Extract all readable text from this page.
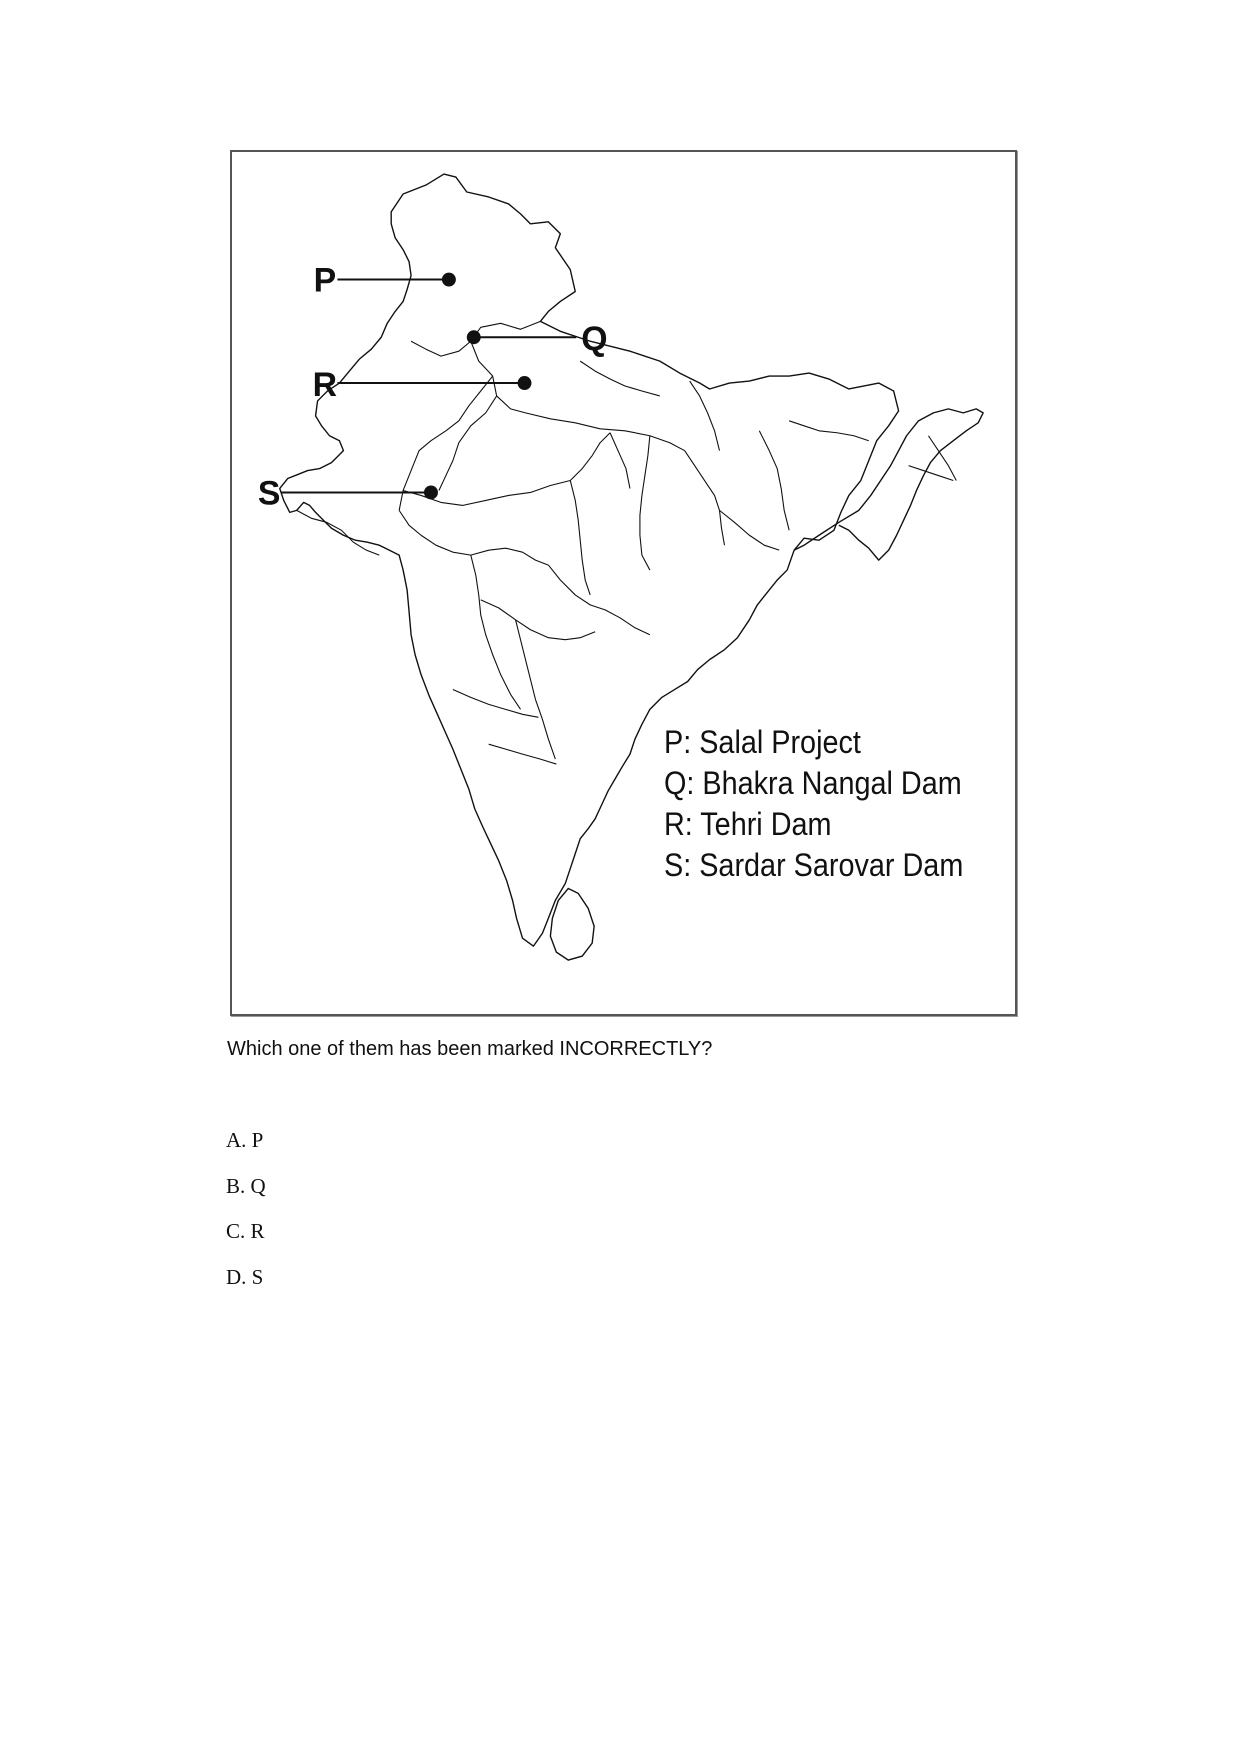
P
Q
R
S
P: Salal Project
Q: Bhakra Nangal Dam
R: Tehri Dam
S: Sardar Sarovar Dam
Which one of them has been marked INCORRECTLY?
A. P
B. Q
C. R
D. S
